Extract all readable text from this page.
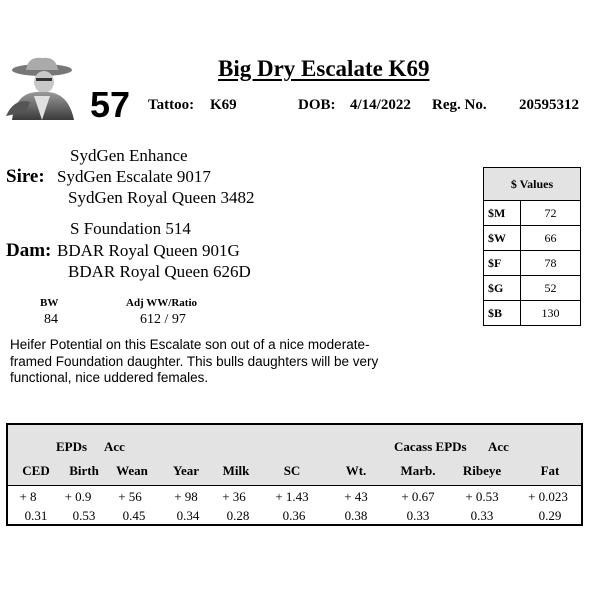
Big Dry Escalate K69
57 Tattoo: K69	DOB: 4/14/2022 Reg. No. 20595312
SydGen Enhance
Sire: SydGen Escalate 9017
SydGen Royal Queen 3482
S Foundation 514
Dam: BDAR Royal Queen 901G
BDAR Royal Queen 626D
BW
84
Adj WW/Ratio
612 / 97
$ Values	
$M	72
$W	66
$F	78
$G	52
$B	130
Heifer Potential on this Escalate son out of a nice moderate-framed Foundation daughter. This bulls daughters will be very functional, nice uddered females.
EPDs Acc	Cacass EPDs Acc
CED	Birth	Wean	Year	Milk	SC	Wt.	Marb.	Ribeye	Fat
+ 8	+ 0.9	+ 56	+ 98	+ 36	+ 1.43	+ 43	+ 0.67	+ 0.53	+ 0.023
0.31	0.53	0.45	0.34	0.28	0.36	0.38	0.33	0.33	0.29
